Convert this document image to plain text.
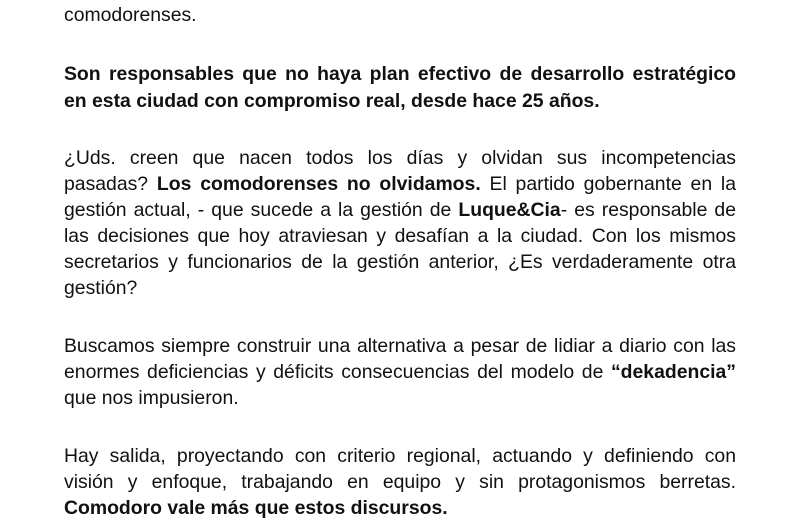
comodorenses.
Son responsables que no haya plan efectivo de desarrollo estratégico
en esta ciudad con compromiso real, desde hace 25 años.
¿Uds. creen que nacen todos los días y olvidan sus incompetencias
pasadas? Los comodorenses no olvidamos. El partido gobernante en la
gestión actual, - que sucede a la gestión de Luque&Cia- es responsable de
las decisiones que hoy atraviesan y desafían a la ciudad. Con los mismos
secretarios y funcionarios de la gestión anterior, ¿Es verdaderamente otra
gestión?
Buscamos siempre construir una alternativa a pesar de lidiar a diario con las
enormes deficiencias y déficits consecuencias del modelo de “dekadencia”
que nos impusieron.
Hay salida, proyectando con criterio regional, actuando y definiendo con
visión y enfoque, trabajando en equipo y sin protagonismos berretas.
Comodoro vale más que estos discursos.
